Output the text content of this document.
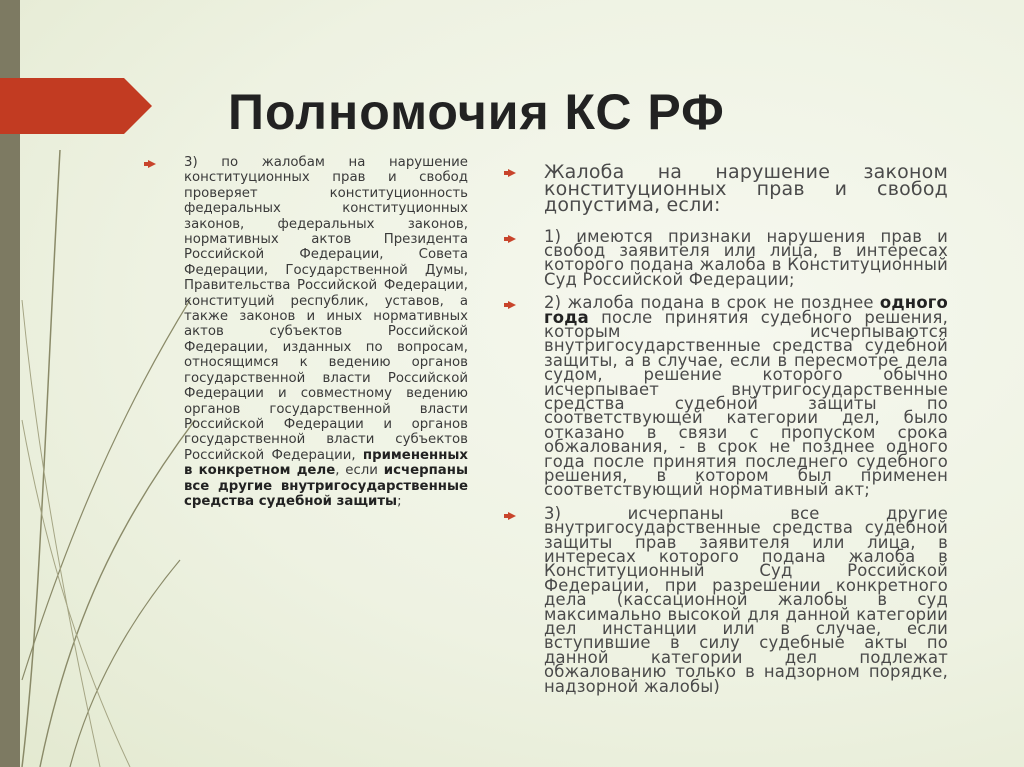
Полномочия КС РФ
3) по жалобам на нарушение конституционных прав и свобод проверяет конституционность федеральных конституционных законов, федеральных законов, нормативных актов Президента Российской Федерации, Совета Федерации, Государственной Думы, Правительства Российской Федерации, конституций республик, уставов, а также законов и иных нормативных актов субъектов Российской Федерации, изданных по вопросам, относящимся к ведению органов государственной власти Российской Федерации и совместному ведению органов государственной власти Российской Федерации и органов государственной власти субъектов Российской Федерации, примененных в конкретном деле, если исчерпаны все другие внутригосударственные средства судебной защиты;
Жалоба на нарушение законом конституционных прав и свобод допустима, если:
1) имеются признаки нарушения прав и свобод заявителя или лица, в интересах которого подана жалоба в Конституционный Суд Российской Федерации;
2) жалоба подана в срок не позднее одного года после принятия судебного решения, которым исчерпываются внутригосударственные средства судебной защиты, а в случае, если в пересмотре дела судом, решение которого обычно исчерпывает внутригосударственные средства судебной защиты по соответствующей категории дел, было отказано в связи с пропуском срока обжалования, - в срок не позднее одного года после принятия последнего судебного решения, в котором был применен соответствующий нормативный акт;
3) исчерпаны все другие внутригосударственные средства судебной защиты прав заявителя или лица, в интересах которого подана жалоба в Конституционный Суд Российской Федерации, при разрешении конкретного дела (кассационной жалобы в суд максимально высокой для данной категории дел инстанции или в случае, если вступившие в силу судебные акты по данной категории дел подлежат обжалованию только в надзорном порядке, надзорной жалобы)
